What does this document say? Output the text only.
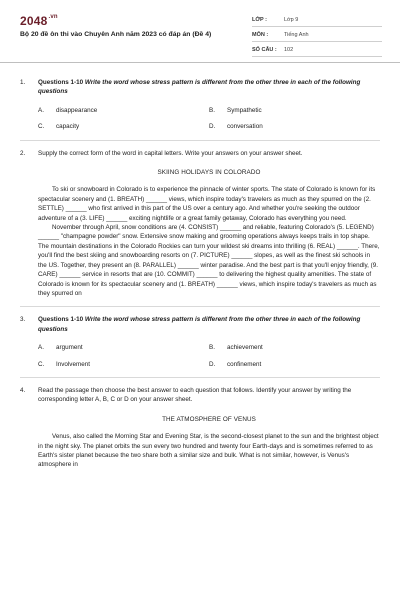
$2048^{.vn}$
Bộ 20 đề ôn thi vào Chuyên Anh năm 2023 có đáp án (Đề 4)
LỚP :	Lớp 9
MÔN :	Tiếng Anh
SỐ CÂU :	102
1. Questions 1-10 Write the word whose stress pattern is different from the other three in each of the following questions
A.	disappearance	B.	Sympathetic
C.	capacity	D.	conversation
2. Supply the correct form of the word in capital letters. Write your answers on your answer sheet.
SKIING HOLIDAYS IN COLORADO

To ski or snowboard in Colorado is to experience the pinnacle of winter sports. The state of Colorado is known for its spectacular scenery and (1. BREATH) ______ views, which inspire today's travelers as much as they spurred on the (2. SETTLE) ______ who first arrived in this part of the US over a century ago. And whether you're seeking the outdoor adventure of a (3. LIFE) ______ exciting nightlife or a great family getaway, Colorado has everything you need.

November through April, snow conditions are (4. CONSIST) ______ and reliable, featuring Colorado's (5. LEGEND) ______ "champagne powder" snow. Extensive snow making and grooming operations always keeps trails in top shape. The mountain destinations in the Colorado Rockies can turn your wildest ski dreams into thrilling (6. REAL) ______. There, you'll find the best skiing and snowboarding resorts on (7. PICTURE) ______ slopes, as well as the finest ski schools in the US. Together, they present an (8. PARALLEL) ______ winter paradise. And the best part is that you'll enjoy friendly, (9. CARE) ______ service in resorts that are (10. COMMIT) ______ to delivering the highest quality amenities. The state of Colorado is known for its spectacular scenery and (1. BREATH) ______ views, which inspire today's travelers as much as they spurred on

3. Questions 1-10 Write the word whose stress pattern is different from the other three in each of the following questions
A.	argument	B.	achievement
C.	Involvement	D.	confinement
4. Read the passage then choose the best answer to each question that follows. Identify your answer by writing the corresponding letter A, B, C or D on your answer sheet.
THE ATMOSPHERE OF VENUS

Venus, also called the Morning Star and Evening Star, is the second-closest planet to the sun and the brightest object in the night sky. The planet orbits the sun every two hundred and twenty four Earth-days and is sometimes referred to as Earth's sister planet because the two share both a similar size and bulk. What is not similar, however, is Venus's atmosphere in
